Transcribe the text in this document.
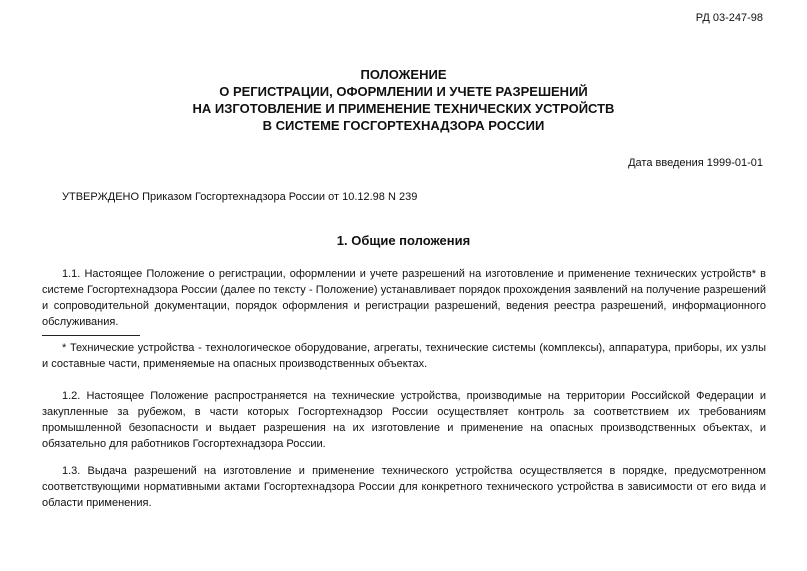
РД 03-247-98
ПОЛОЖЕНИЕ
О РЕГИСТРАЦИИ, ОФОРМЛЕНИИ И УЧЕТЕ РАЗРЕШЕНИЙ
НА ИЗГОТОВЛЕНИЕ И ПРИМЕНЕНИЕ ТЕХНИЧЕСКИХ УСТРОЙСТВ
В СИСТЕМЕ ГОСГОРТЕХНАДЗОРА РОССИИ
Дата введения 1999-01-01
УТВЕРЖДЕНО Приказом Госгортехнадзора России от 10.12.98 N 239
1. Общие положения
1.1. Настоящее Положение о регистрации, оформлении и учете разрешений на изготовление и применение технических устройств* в системе Госгортехнадзора России (далее по тексту - Положение) устанавливает порядок прохождения заявлений на получение разрешений и сопроводительной документации, порядок оформления и регистрации разрешений, ведения реестра разрешений, информационного обслуживания.
* Технические устройства - технологическое оборудование, агрегаты, технические системы (комплексы), аппаратура, приборы, их узлы и составные части, применяемые на опасных производственных объектах.
1.2. Настоящее Положение распространяется на технические устройства, производимые на территории Российской Федерации и закупленные за рубежом, в части которых Госгортехнадзор России осуществляет контроль за соответствием их требованиям промышленной безопасности и выдает разрешения на их изготовление и применение на опасных производственных объектах, и обязательно для работников Госгортехнадзора России.
1.3. Выдача разрешений на изготовление и применение технического устройства осуществляется в порядке, предусмотренном соответствующими нормативными актами Госгортехнадзора России для конкретного технического устройства в зависимости от его вида и области применения.
